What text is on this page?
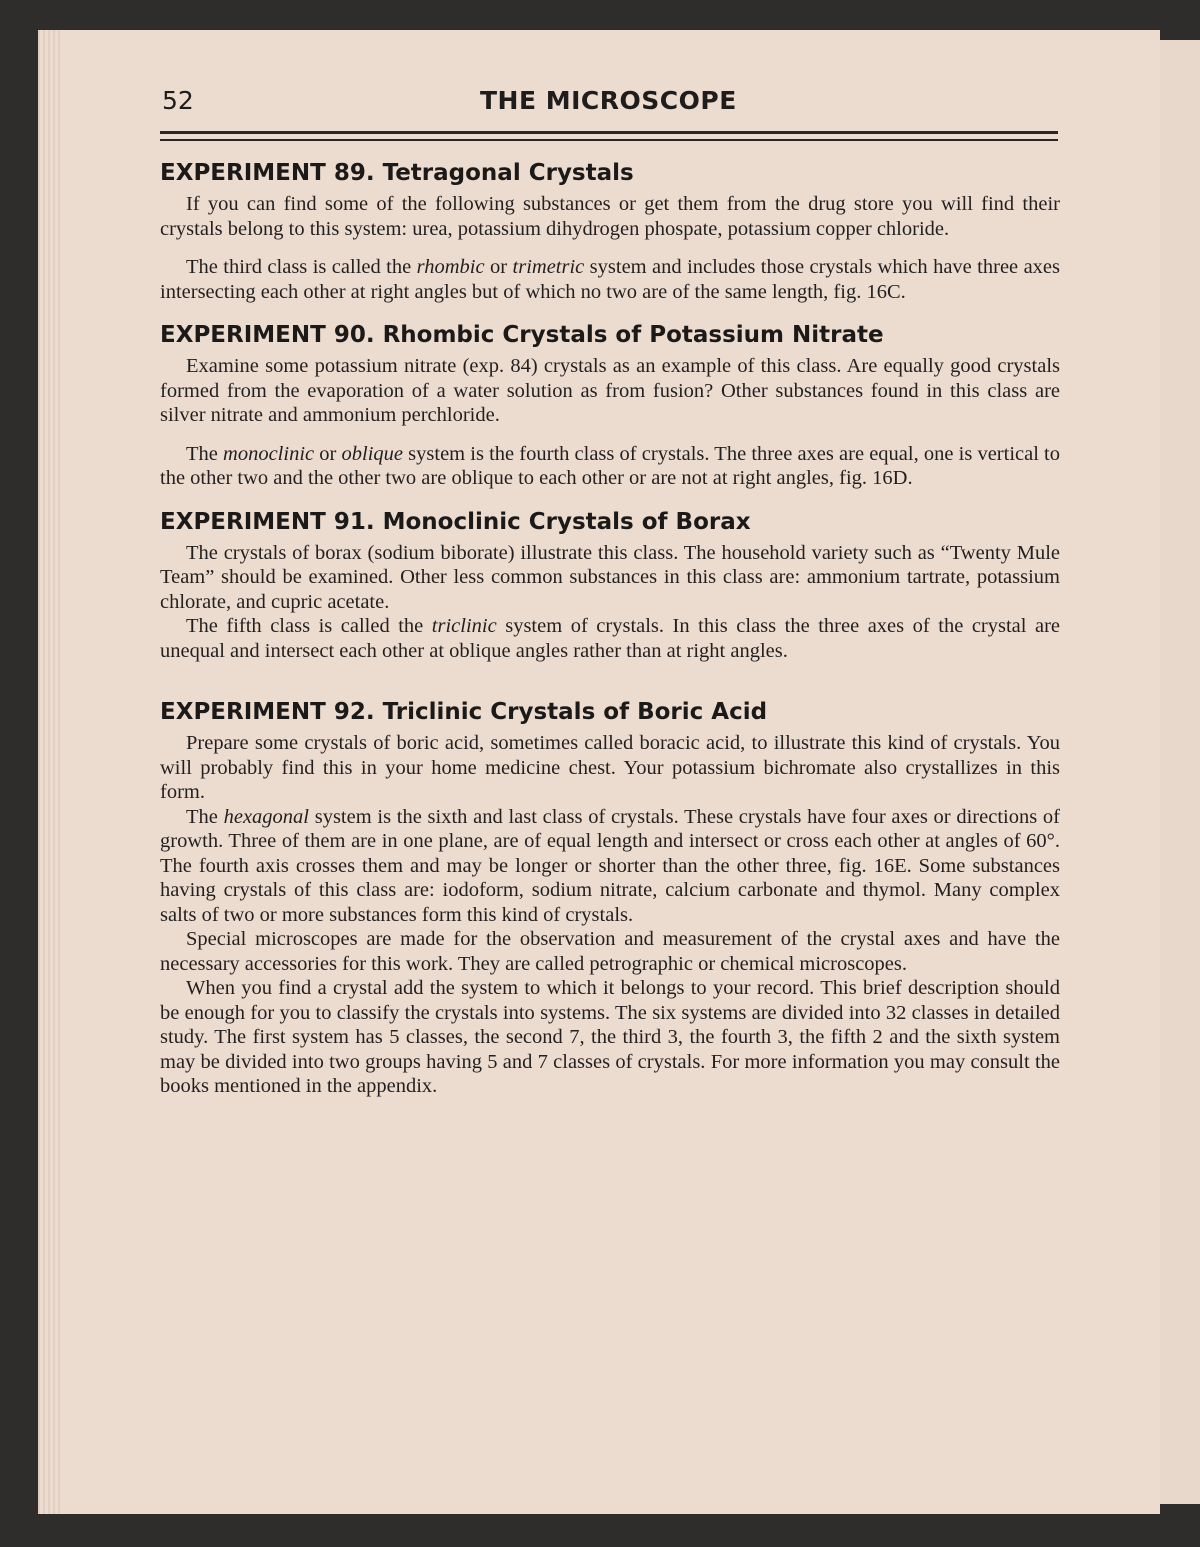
52	THE MICROSCOPE
EXPERIMENT 89. Tetragonal Crystals

If you can find some of the following substances or get them from the drug store you will find their crystals belong to this system: urea, potassium dihydrogen phospate, potassium copper chloride.

The third class is called the rhombic or trimetric system and includes those crystals which have three axes intersecting each other at right angles but of which no two are of the same length, fig. 16C.

EXPERIMENT 90. Rhombic Crystals of Potassium Nitrate

Examine some potassium nitrate (exp. 84) crystals as an example of this class. Are equally good crystals formed from the evaporation of a water solution as from fusion? Other substances found in this class are silver nitrate and ammonium perchloride.

The monoclinic or oblique system is the fourth class of crystals. The three axes are equal, one is vertical to the other two and the other two are oblique to each other or are not at right angles, fig. 16D.

EXPERIMENT 91. Monoclinic Crystals of Borax

The crystals of borax (sodium biborate) illustrate this class. The household variety such as “Twenty Mule Team” should be examined. Other less common substances in this class are: ammonium tartrate, potassium chlorate, and cupric acetate.

The fifth class is called the triclinic system of crystals. In this class the three axes of the crystal are unequal and intersect each other at oblique angles rather than at right angles.

EXPERIMENT 92. Triclinic Crystals of Boric Acid

Prepare some crystals of boric acid, sometimes called boracic acid, to illustrate this kind of crystals. You will probably find this in your home medicine chest. Your potassium bichromate also crystallizes in this form.

The hexagonal system is the sixth and last class of crystals. These crystals have four axes or directions of growth. Three of them are in one plane, are of equal length and intersect or cross each other at angles of 60°. The fourth axis crosses them and may be longer or shorter than the other three, fig. 16E. Some substances having crystals of this class are: iodoform, sodium nitrate, calcium carbonate and thymol. Many complex salts of two or more substances form this kind of crystals.

Special microscopes are made for the observation and measurement of the crystal axes and have the necessary accessories for this work. They are called petrographic or chemical microscopes.

When you find a crystal add the system to which it belongs to your record. This brief description should be enough for you to classify the crystals into systems. The six systems are divided into 32 classes in detailed study. The first system has 5 classes, the second 7, the third 3, the fourth 3, the fifth 2 and the sixth system may be divided into two groups having 5 and 7 classes of crystals. For more information you may consult the books mentioned in the appendix.
